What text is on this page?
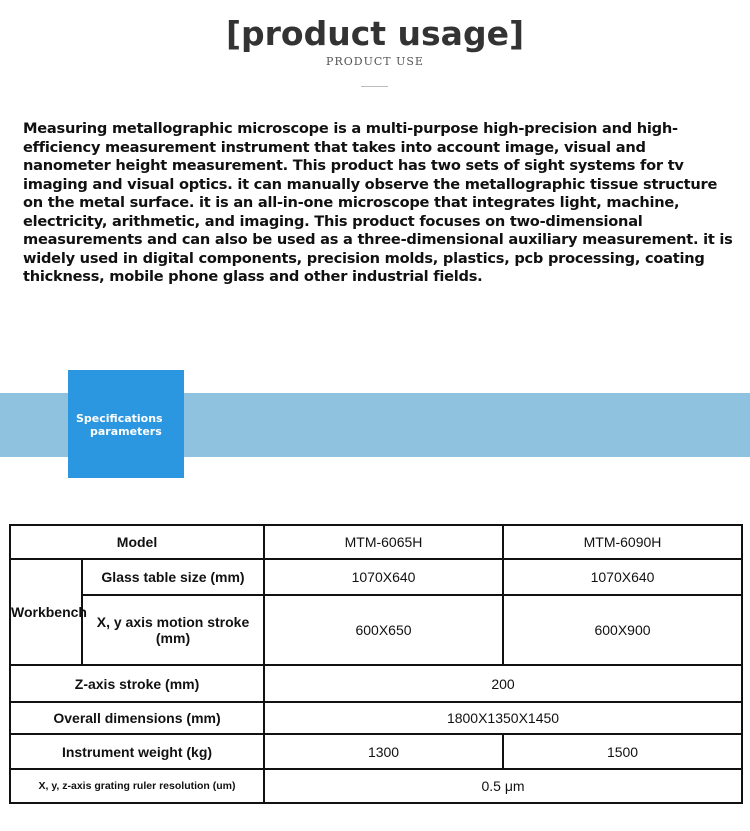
[product usage]
PRODUCT USE

Measuring metallographic microscope is a multi-purpose high-precision and high-efficiency measurement instrument that takes into account image, visual and nanometer height measurement. This product has two sets of sight systems for tv imaging and visual optics. it can manually observe the metallographic tissue structure on the metal surface. it is an all-in-one microscope that integrates light, machine, electricity, arithmetic, and imaging. This product focuses on two-dimensional measurements and can also be used as a three-dimensional auxiliary measurement. it is widely used in digital components, precision molds, plastics, pcb processing, coating thickness, mobile phone glass and other industrial fields.

MAIN USE PARAMETERS OF THE PRODUCT
Specifications
parameters
Model		MTM-6065H	MTM-6090H
Workbench	Glass table size (mm)	1070X640	1070X640
	X, y axis motion stroke (mm)	600X650	600X900
Z-axis stroke (mm)		200	
Overall dimensions (mm)		1800X1350X1450	
Instrument weight (kg)		1300	1500
X, y, z-axis grating ruler resolution (um)		0.5 μm	
